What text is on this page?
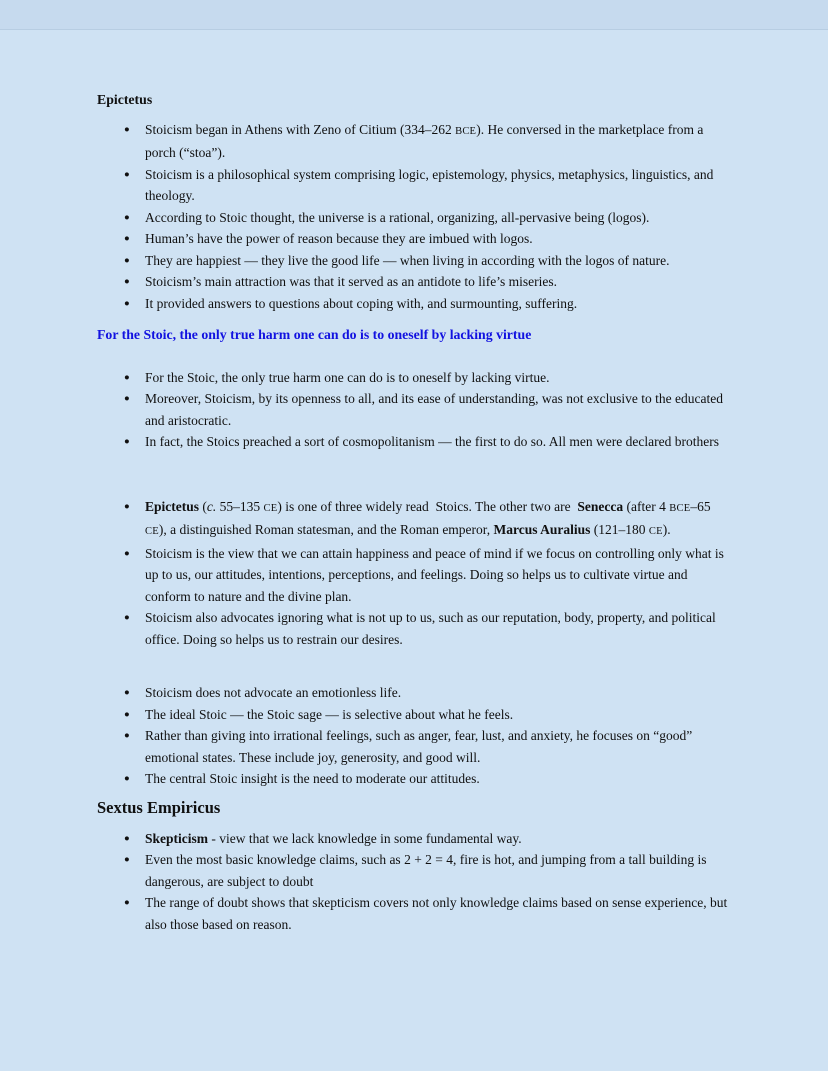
Epictetus
● Stoicism began in Athens with Zeno of Citium (334–262 BCE). He conversed in the marketplace from a porch (“stoa”).
● Stoicism is a philosophical system comprising logic, epistemology, physics, metaphysics, linguistics, and theology.
● According to Stoic thought, the universe is a rational, organizing, all-pervasive being (logos).
● Human’s have the power of reason because they are imbued with logos.
● They are happiest — they live the good life — when living in according with the logos of nature.
● Stoicism’s main attraction was that it served as an antidote to life’s miseries.
● It provided answers to questions about coping with, and surmounting, suffering.
For the Stoic, the only true harm one can do is to oneself by lacking virtue
● For the Stoic, the only true harm one can do is to oneself by lacking virtue.
● Moreover, Stoicism, by its openness to all, and its ease of understanding, was not exclusive to the educated and aristocratic.
● In fact, the Stoics preached a sort of cosmopolitanism — the first to do so. All men were declared brothers
● Epictetus (c. 55–135 CE) is one of three widely read  Stoics. The other two are  Senecca (after 4 BCE–65 CE), a distinguished Roman statesman, and the Roman emperor, Marcus Auralius (121–180 CE).
● Stoicism is the view that we can attain happiness and peace of mind if we focus on controlling only what is up to us, our attitudes, intentions, perceptions, and feelings. Doing so helps us to cultivate virtue and conform to nature and the divine plan.
● Stoicism also advocates ignoring what is not up to us, such as our reputation, body, property, and political office. Doing so helps us to restrain our desires.
● Stoicism does not advocate an emotionless life.
● The ideal Stoic — the Stoic sage — is selective about what he feels.
● Rather than giving into irrational feelings, such as anger, fear, lust, and anxiety, he focuses on “good” emotional states. These include joy, generosity, and good will.
● The central Stoic insight is the need to moderate our attitudes.
Sextus Empiricus
● Skepticism - view that we lack knowledge in some fundamental way.
● Even the most basic knowledge claims, such as 2 + 2 = 4, fire is hot, and jumping from a tall building is dangerous, are subject to doubt
● The range of doubt shows that skepticism covers not only knowledge claims based on sense experience, but also those based on reason.
